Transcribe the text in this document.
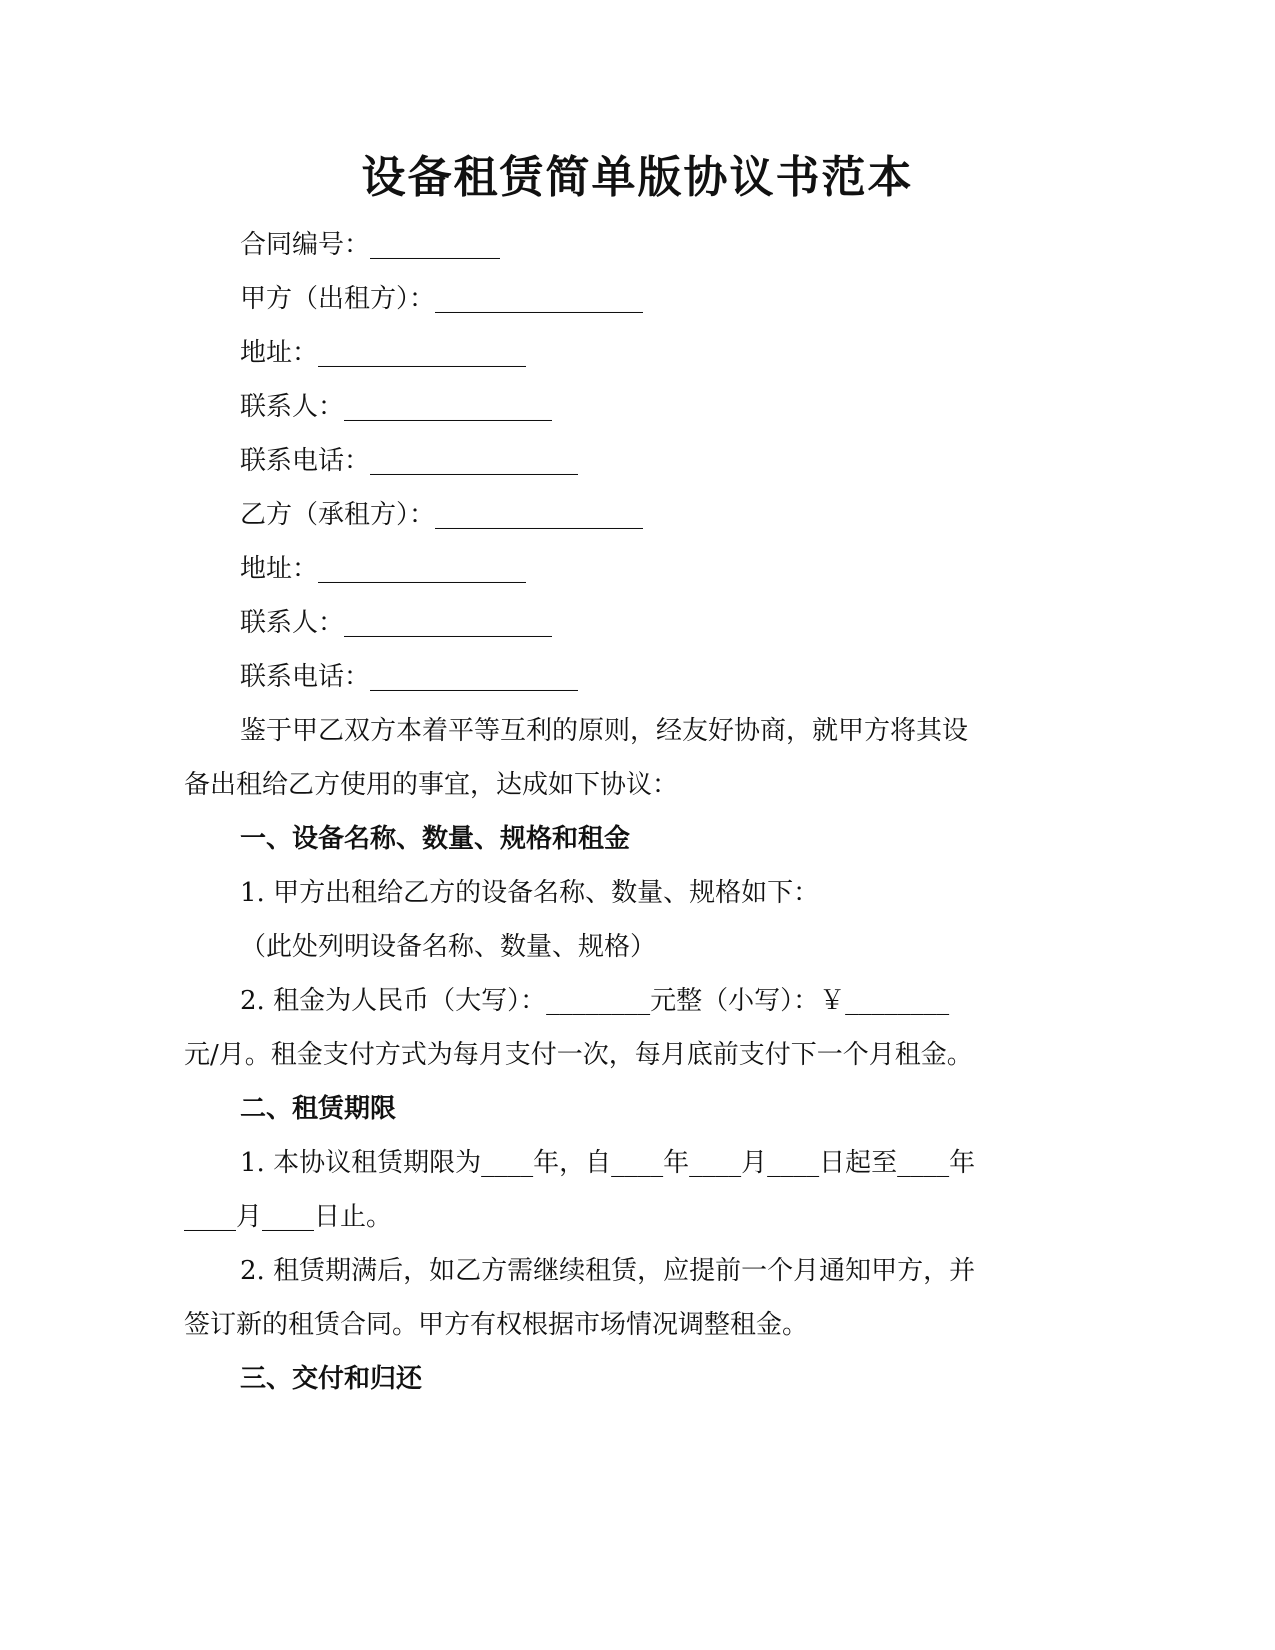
设备租赁简单版协议书范本

合同编号：__________

甲方（出租方）：________________

地址：________________

联系人：________________

联系电话：________________

乙方（承租方）：________________

地址：________________

联系人：________________

联系电话：________________

鉴于甲乙双方本着平等互利的原则，经友好协商，就甲方将其设

备出租给乙方使用的事宜，达成如下协议：

一、设备名称、数量、规格和租金

1. 甲方出租给乙方的设备名称、数量、规格如下：

（此处列明设备名称、数量、规格）

2. 租金为人民币（大写）：________元整（小写）：￥________

元/月。租金支付方式为每月支付一次，每月底前支付下一个月租金。

二、租赁期限

1. 本协议租赁期限为____年，自____年____月____日起至____年

____月____日止。

2. 租赁期满后，如乙方需继续租赁，应提前一个月通知甲方，并

签订新的租赁合同。甲方有权根据市场情况调整租金。

三、交付和归还
